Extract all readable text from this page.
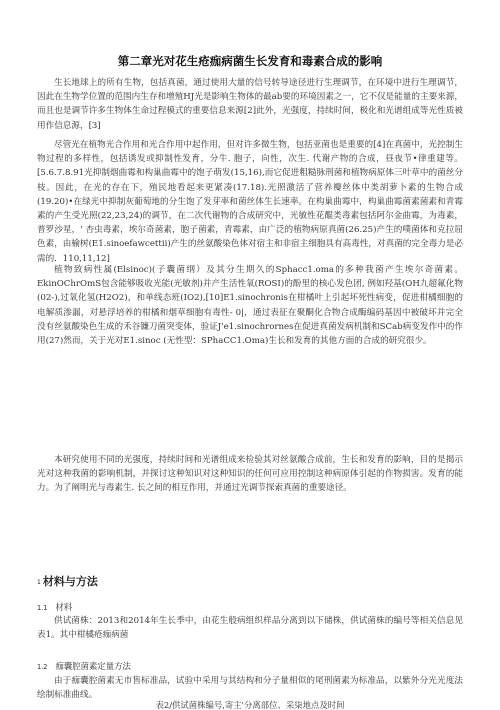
第二章光对花生疮痂病菌生长发育和毒素合成的影响

生长地球上的所有生物，包括真菌，通过使用大量的信号转导途径进行生理调节，在环境中进行生理调节，因此在生物学位置的范围内生存和增殖HJ光是影响生物体的最ab要的环境因素之一，它不仅是能量的主要来源，而且也是调节许多生物体生命过程模式的重要信息来源[2]此外，光强度，持续时间，极化和光谱组成等光性质被用作信息源，[3]

尽管光在植物光合作用和光合作用中起作用，但对许多微生物，包括亚菌也是重要的[4]在真菌中，光控制生物过程的多样性，包括诱发或抑制性发育，分牛. 胞子，向性，次生. 代谢产物的合成，昼夜节•律重建等。[5.6.7.8.91光抑制烟曲霉和构巢曲霉中的饱子萌发(15,16),而它促进粗糙脉刑菌和植物病原体三叶草中的菌丝分枝。因此，在光的存在下，殖民地看起来更紧凑(17.18).光照激活了营养瓣丝体中类胡萝卜素的生物合成(19.20)•在绿光中抑制灰葡萄地的分生饱了发芽率和菌丝体生长速率。在构巢曲霉中，构巢曲霉菌素菌素和青霉素的产生受光照(22,23,24)的调节，在二次代谢物的合成研究中，光敏性花醌类毒素包括阿尔金曲霉，为毒素，普罗沙星，' 杏虫毒素，埃尔奇菌素，胞子菌素，青霉素，由广泛的植物病原真菌(26.25)产生的噗菌体和克拉屈色素，由榆树(E1.sinoefawcettii)产生的丝氨酸染色体对宿主和非宿主细胞具有高毒性，对真菌的完全毒力是必需的．110,11,12]

植物致病性属(Elsinoc)(子囊菌纲）及其分生期久的Sphacc1.oma的多种我菌产生埃尔奇菌素。EkinOChrOmS包含能够吸收光能(光敏剂)并产生活性氧(ROSI)的酚里的核心发色团, 例如羟基(OH九超氟化物(02-),过氧化氢(H2O2)，和单线态班(IO2),[10]E1.sinochronis在柑橘叶上引起坏死性病变，促进柑橘细胞的电解质渗漏，对悬浮培养的柑橘和烟草细胞有毒性- 0|，通过表征在聚酮化合物合成酶编码基因中被破坏并完全没有丝氨酸染色生成的禾谷镰刀菌突变体，验证J'e1.sinochrornes在促进真菌发病机制和SCab病变发作中的作用(27)然而，关于光对E1.sinoc (无性型：SPhaCC1.Oma)生长和发育的其他方面的合成的研究很少。

本研究使用不同的光强度，持续时间和光谱组成来检验其对丝氨酸合成前，生长和发育的影响，目的是揭示光对这种我菌的影响机制，并探讨这种知识对这种知识的任何可应用控制这种病原体引起的作物损害。发育的能力。为了阐明光与毒素生. 长之间的相互作用，并通过光调节探索真菌的重要途径。

1 材料与方法
1.1 材料

供试菌株：2013和2014年生长季中，由花生般病组织样品分离到以下储株，供试菌株的编号等相关信息见表1。其中柑橘疮痂病菌

1.2 痂囊腔菌素定量方法

由于痂囊腔菌素无市售标准品，试验中采用与其结构和分子量相似的尾刑菌素为标准品，以紫外分光光度法绘制标准曲线。

表2/供试菌株编号,寄主'分离部位、采柒地点及时间
